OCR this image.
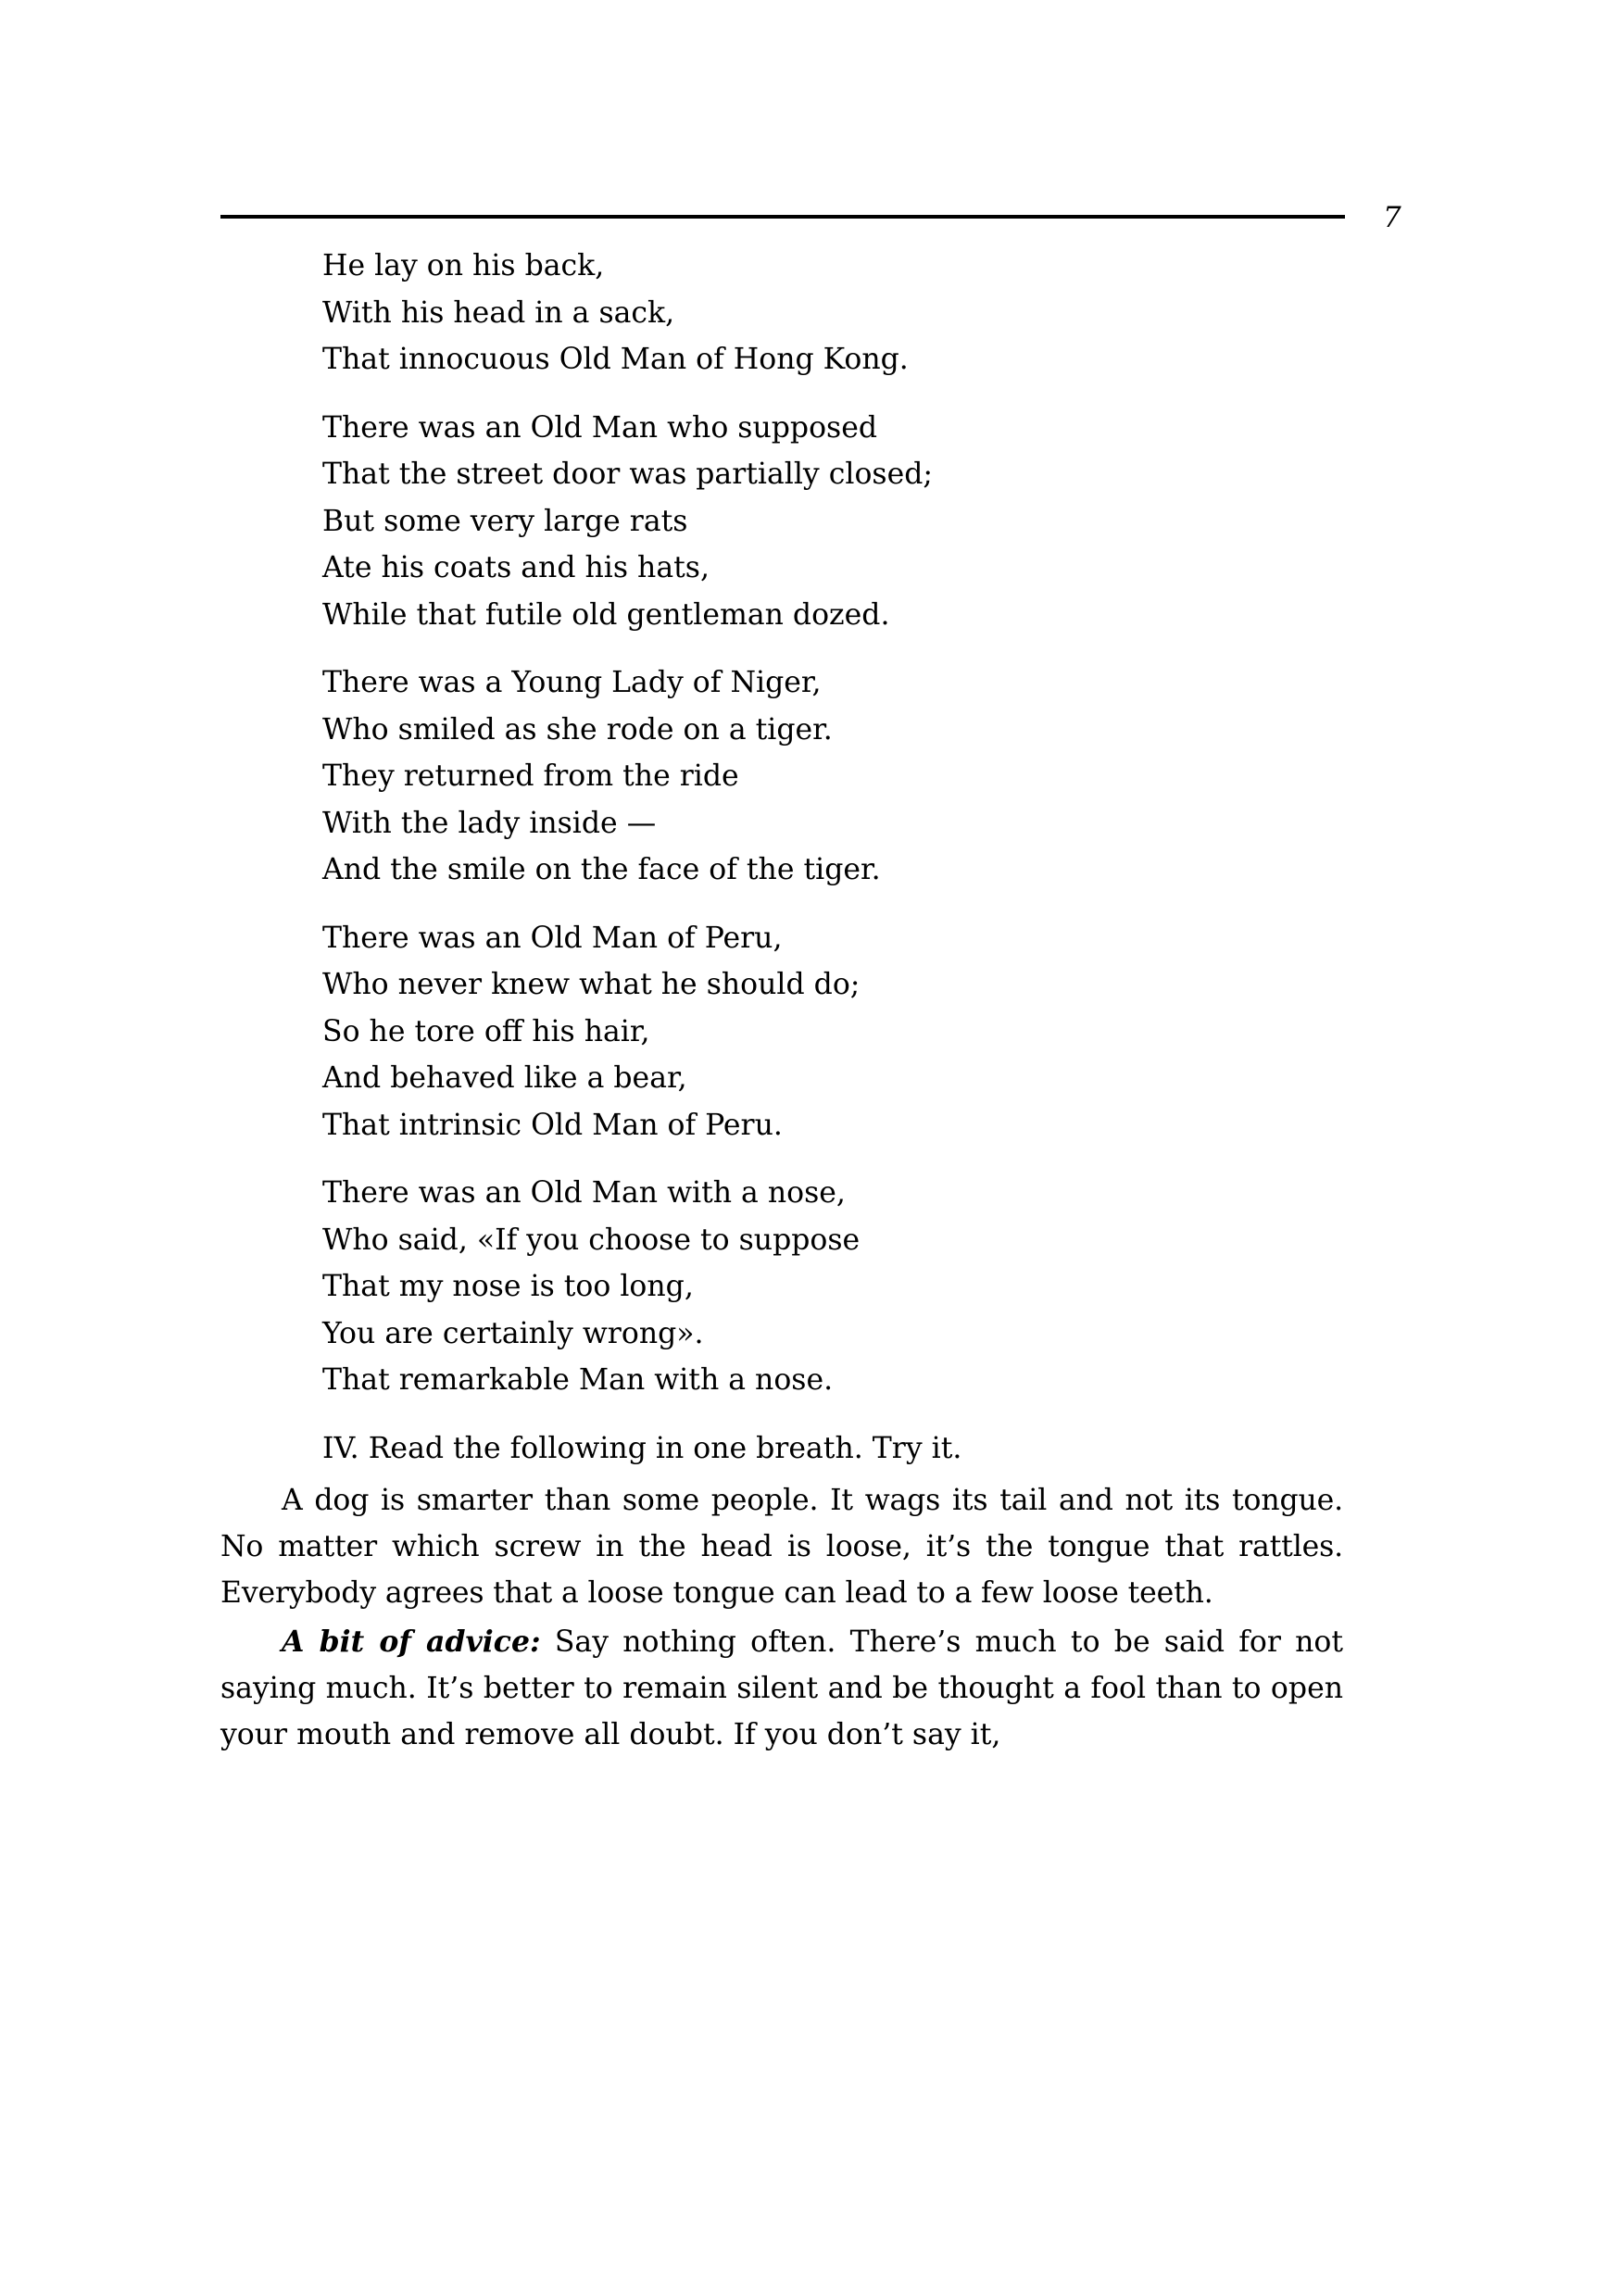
7
He lay on his back,
With his head in a sack,
That innocuous Old Man of Hong Kong.
There was an Old Man who supposed
That the street door was partially closed;
But some very large rats
Ate his coats and his hats,
While that futile old gentleman dozed.
There was a Young Lady of Niger,
Who smiled as she rode on a tiger.
They returned from the ride
With the lady inside —
And the smile on the face of the tiger.
There was an Old Man of Peru,
Who never knew what he should do;
So he tore off his hair,
And behaved like a bear,
That intrinsic Old Man of Peru.
There was an Old Man with a nose,
Who said, «If you choose to suppose
That my nose is too long,
You are certainly wrong».
That remarkable Man with a nose.
IV. Read the following in one breath. Try it.

A dog is smarter than some people. It wags its tail and not its tongue. No matter which screw in the head is loose, it’s the tongue that rattles. Everybody agrees that a loose tongue can lead to a few loose teeth.

A bit of advice: Say nothing often. There’s much to be said for not saying much. It’s better to remain silent and be thought a fool than to open your mouth and remove all doubt. If you don’t say it,
